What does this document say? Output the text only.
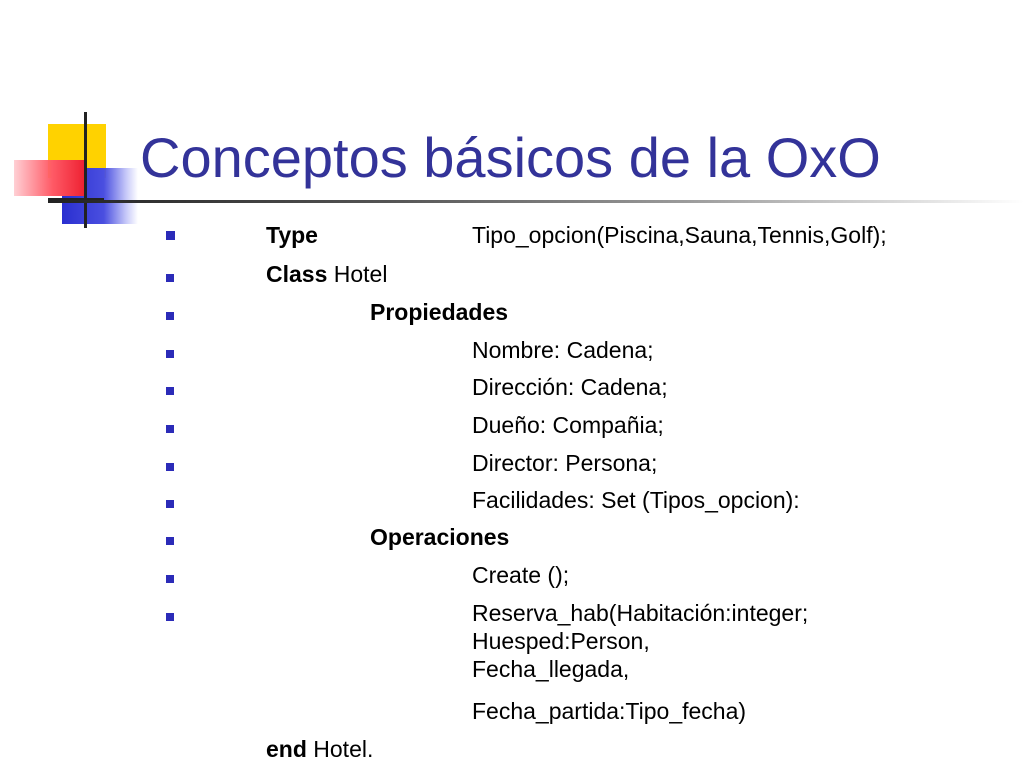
Conceptos básicos de la OxO
Type	Tipo_opcion(Piscina,Sauna,Tennis,Golf);
Class Hotel
Propiedades
Nombre: Cadena;
Dirección: Cadena;
Dueño: Compañia;
Director: Persona;
Facilidades: Set (Tipos_opcion):
Operaciones
Create ();
Reserva_hab(Habitación:integer;
Huesped:Person,
Fecha_llegada,
Fecha_partida:Tipo_fecha)
end Hotel.
